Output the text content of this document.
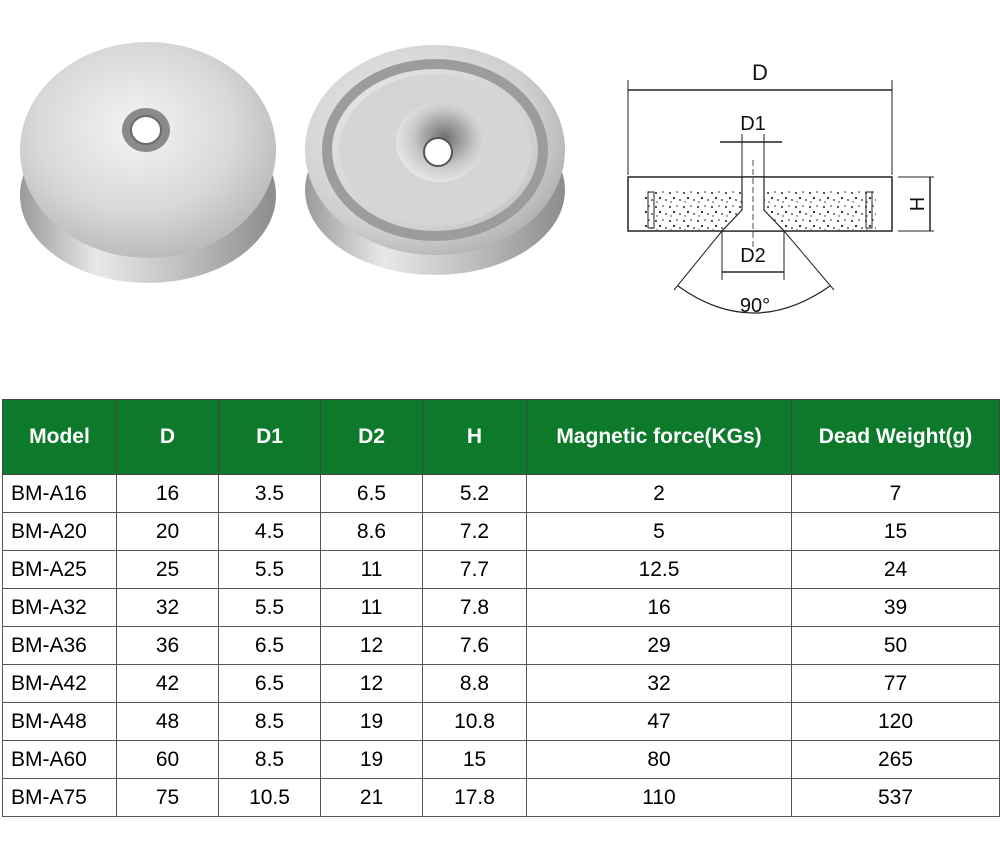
D
D1
H
D2
90°
Model	D	D1	D2	H	Magnetic force(KGs)	Dead Weight(g)
BM-A16	16	3.5	6.5	5.2	2	7
BM-A20	20	4.5	8.6	7.2	5	15
BM-A25	25	5.5	11	7.7	12.5	24
BM-A32	32	5.5	11	7.8	16	39
BM-A36	36	6.5	12	7.6	29	50
BM-A42	42	6.5	12	8.8	32	77
BM-A48	48	8.5	19	10.8	47	120
BM-A60	60	8.5	19	15	80	265
BM-A75	75	10.5	21	17.8	110	537
